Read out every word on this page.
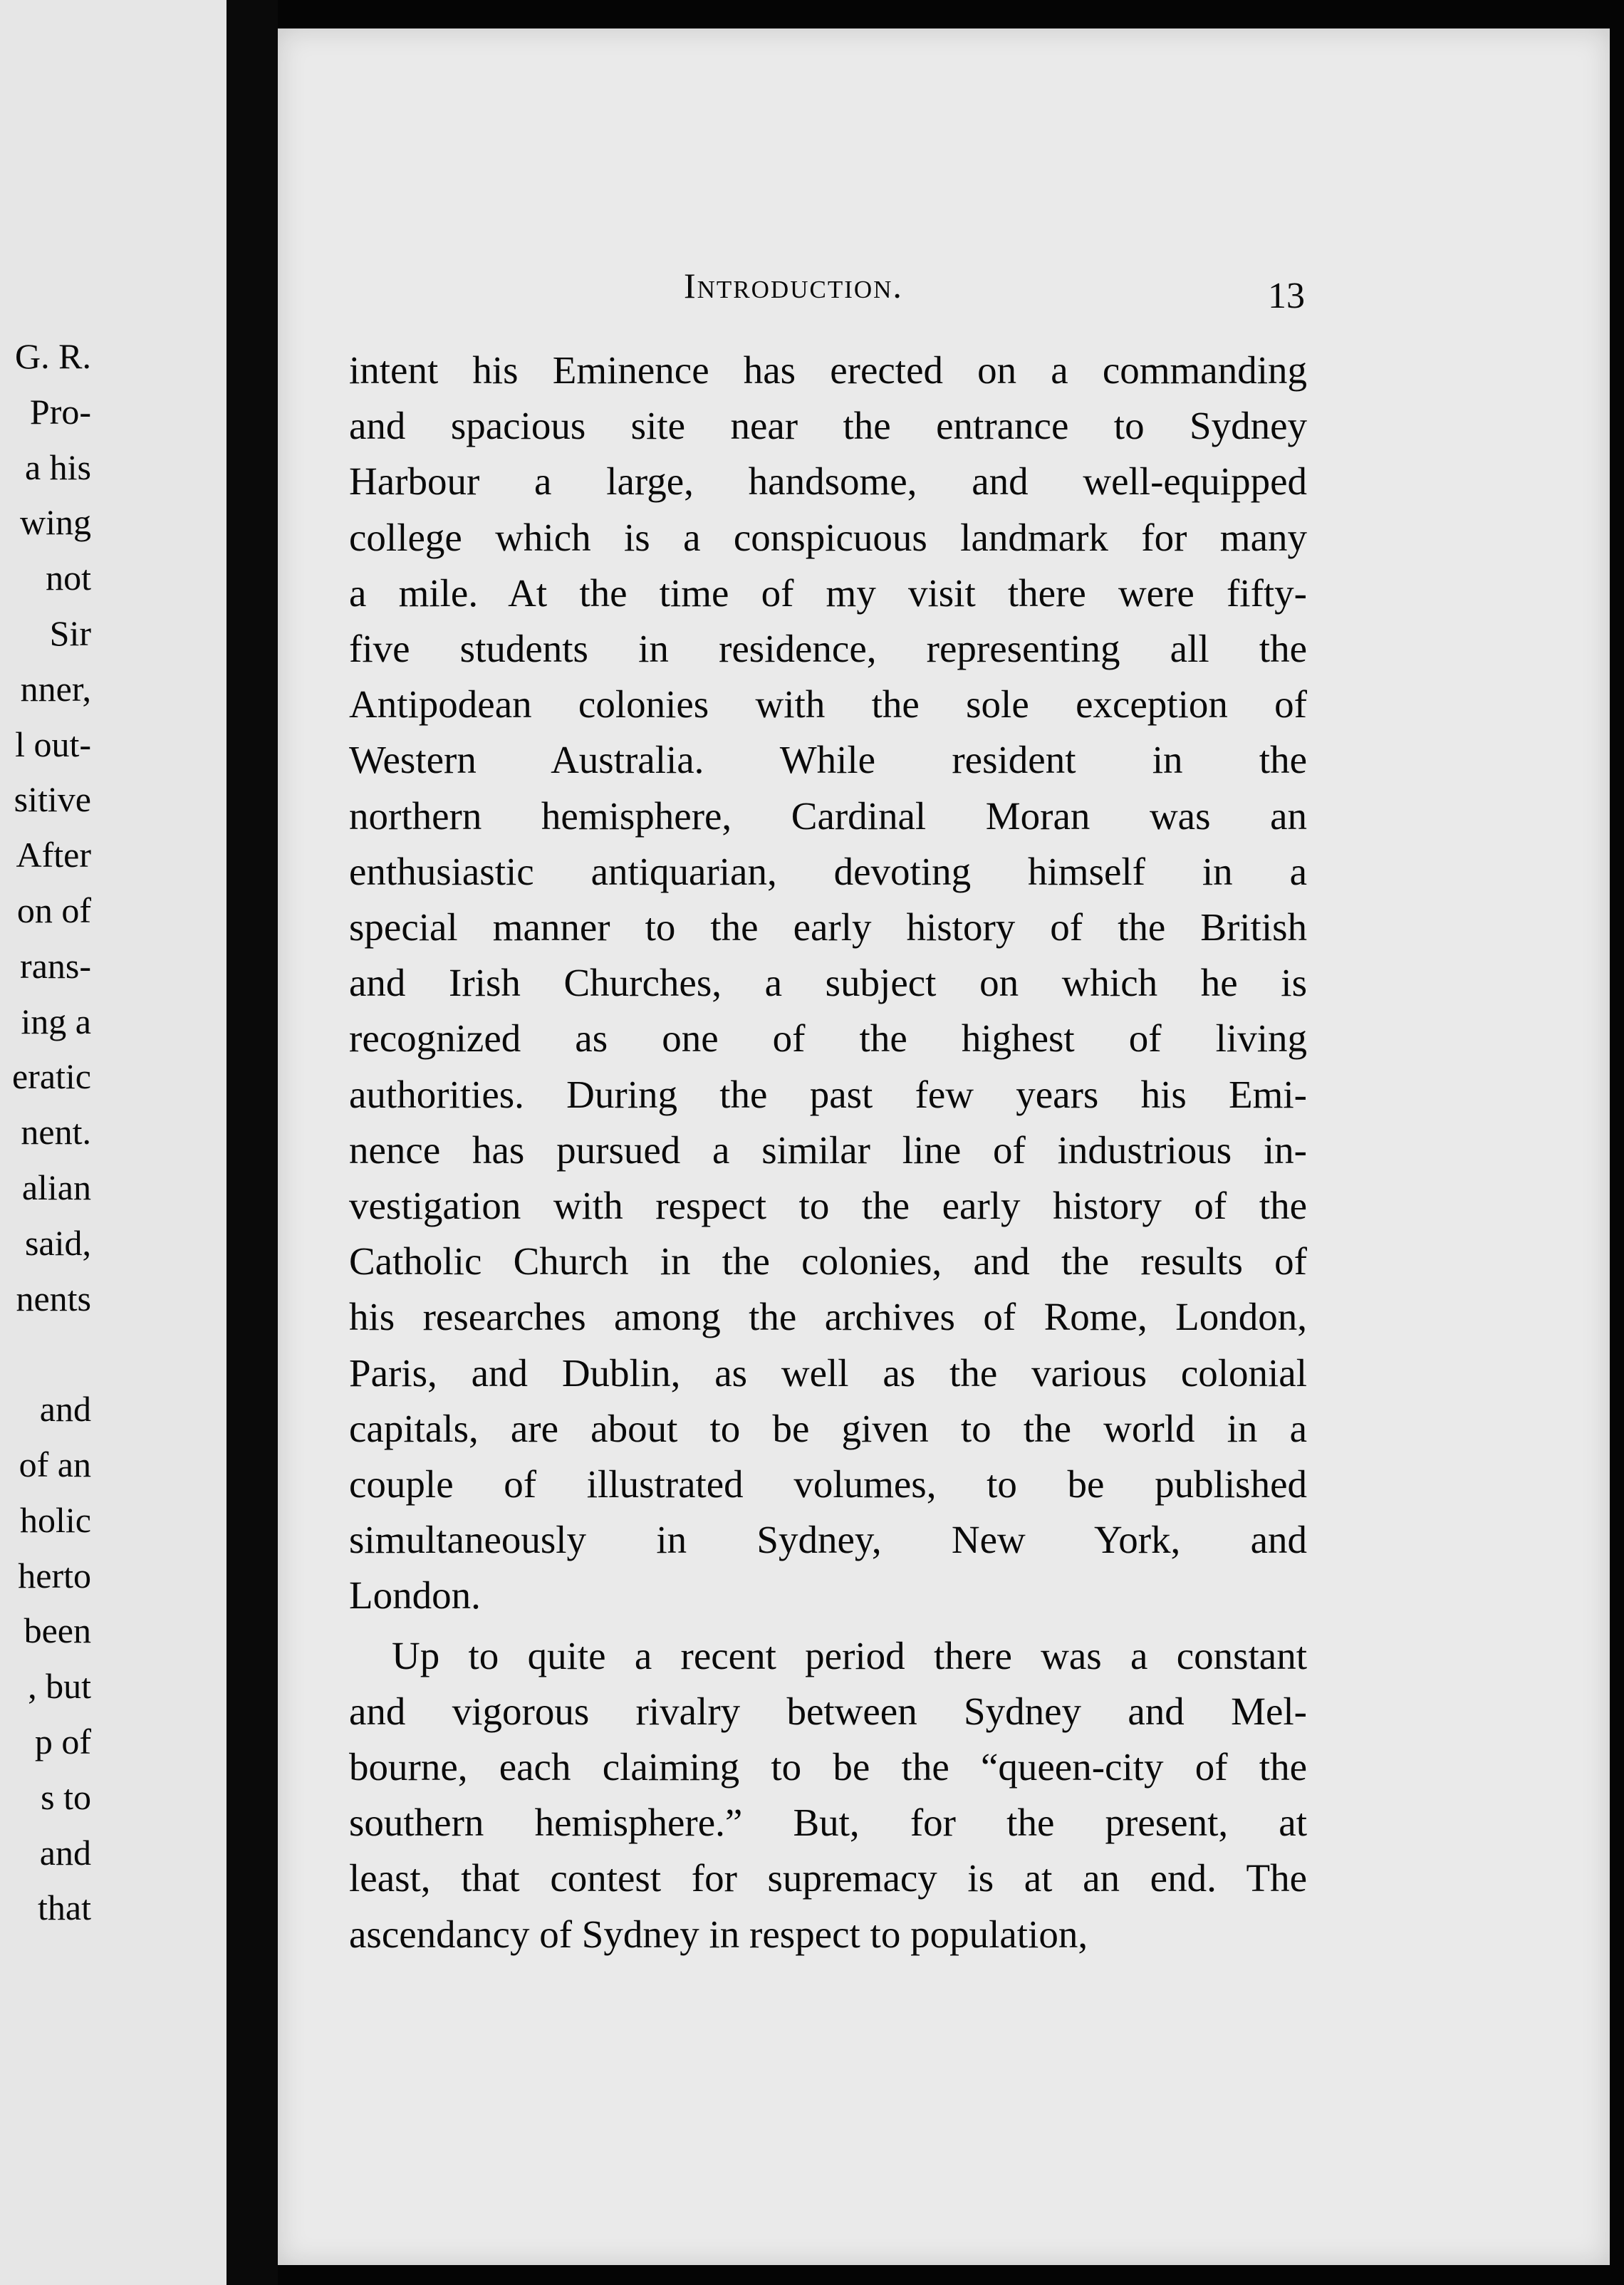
G. R.
Pro-
a his
wing
not
Sir
nner,
l out-
sitive
After
on of
rans-
ing a
eratic
nent.
alian
said,
nents
and
of an
holic
herto
been
, but
p of
s to
and
that
Introduction.	13
intent his Eminence has erected on a commanding
and spacious site near the entrance to Sydney
Harbour a large, handsome, and well-equipped
college which is a conspicuous landmark for many
a mile. At the time of my visit there were fifty-
five students in residence, representing all the
Antipodean colonies with the sole exception of
Western Australia. While resident in the
northern hemisphere, Cardinal Moran was an
enthusiastic antiquarian, devoting himself in a
special manner to the early history of the British
and Irish Churches, a subject on which he is
recognized as one of the highest of living
authorities. During the past few years his Emi-
nence has pursued a similar line of industrious in-
vestigation with respect to the early history of the
Catholic Church in the colonies, and the results of
his researches among the archives of Rome, London,
Paris, and Dublin, as well as the various colonial
capitals, are about to be given to the world in a
couple of illustrated volumes, to be published
simultaneously in Sydney, New York, and
London.
Up to quite a recent period there was a constant
and vigorous rivalry between Sydney and Mel-
bourne, each claiming to be the “queen-city of the
southern hemisphere.” But, for the present, at
least, that contest for supremacy is at an end. The
ascendancy of Sydney in respect to population,
